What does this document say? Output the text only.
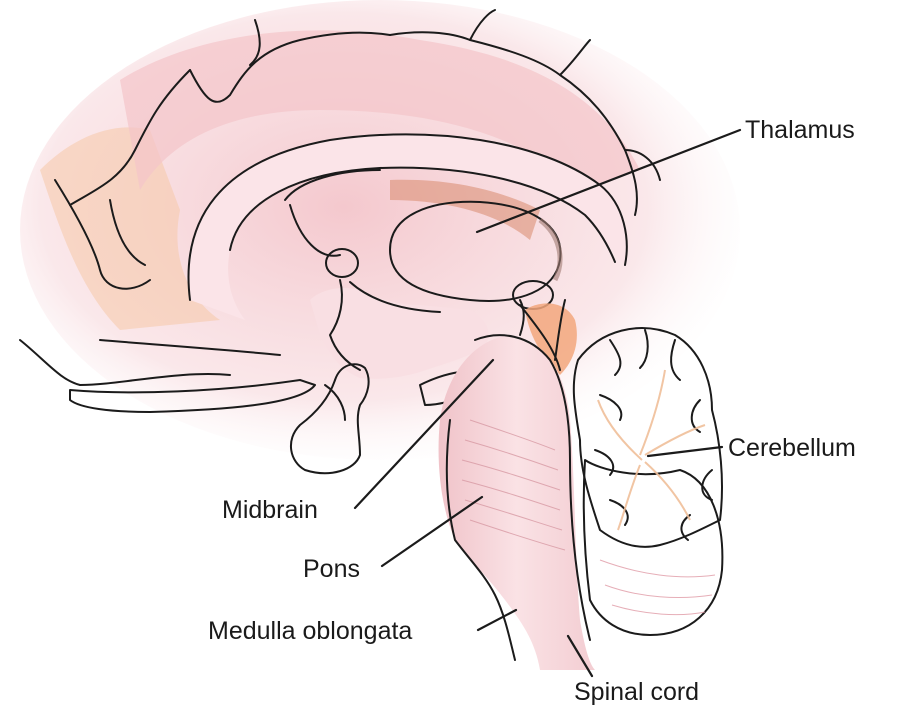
Thalamus
Cerebellum
Midbrain
Pons
Medulla oblongata
Spinal cord
